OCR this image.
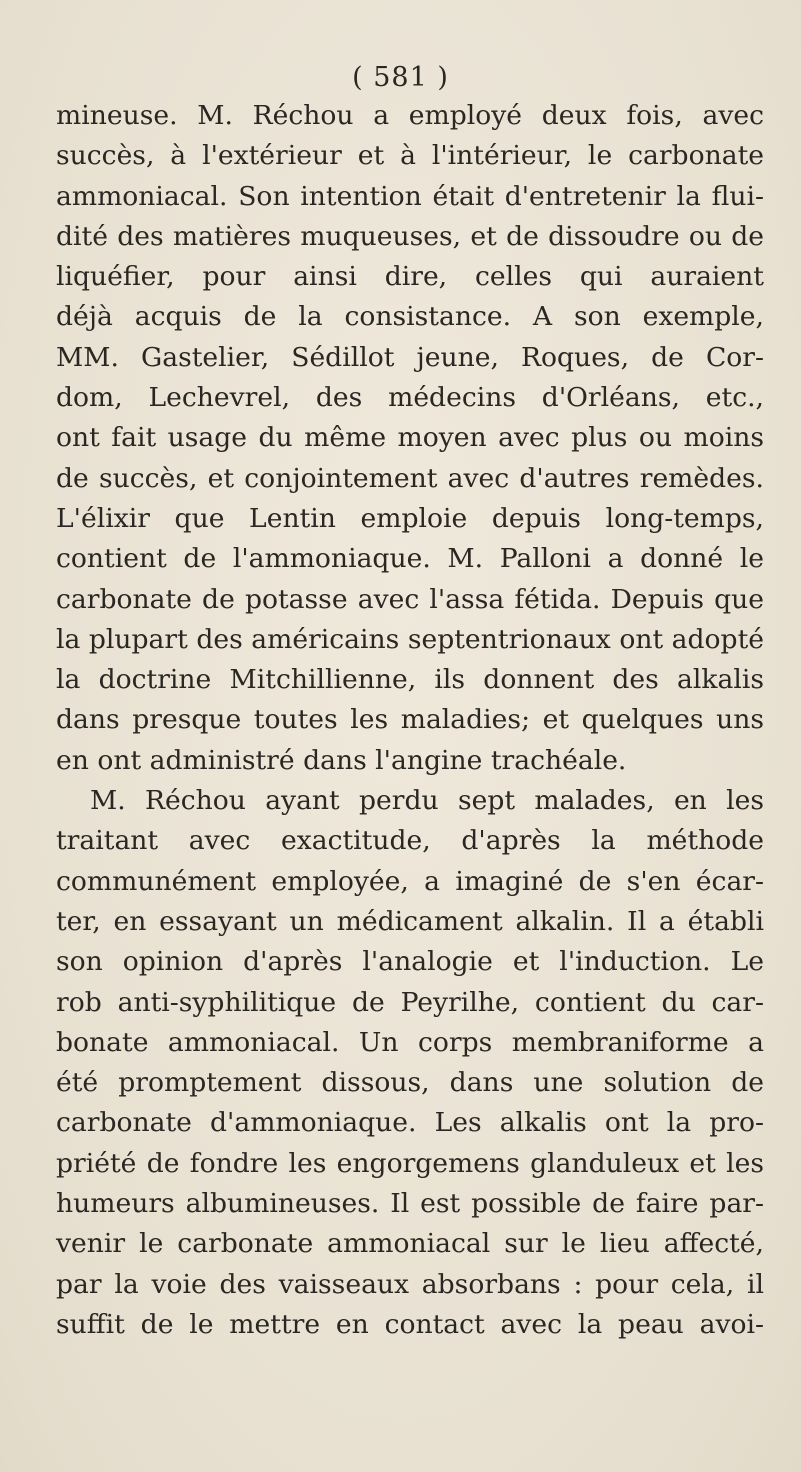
( 581 )
mineuse. M. Réchou a employé deux fois, avec
succès, à l'extérieur et à l'intérieur, le carbonate
ammoniacal. Son intention était d'entretenir la flui-
dité des matières muqueuses, et de dissoudre ou de
liquéfier, pour ainsi dire, celles qui auraient
déjà acquis de la consistance. A son exemple,
MM. Gastelier, Sédillot jeune, Roques, de Cor-
dom, Lechevrel, des médecins d'Orléans, etc.,
ont fait usage du même moyen avec plus ou moins
de succès, et conjointement avec d'autres remèdes.
L'élixir que Lentin emploie depuis long-temps,
contient de l'ammoniaque. M. Palloni a donné le
carbonate de potasse avec l'assa fétida. Depuis que
la plupart des américains septentrionaux ont adopté
la doctrine Mitchillienne, ils donnent des alkalis
dans presque toutes les maladies; et quelques uns
en ont administré dans l'angine trachéale.
M. Réchou ayant perdu sept malades, en les
traitant avec exactitude, d'après la méthode
communément employée, a imaginé de s'en écar-
ter, en essayant un médicament alkalin. Il a établi
son opinion d'après l'analogie et l'induction. Le
rob anti-syphilitique de Peyrilhe, contient du car-
bonate ammoniacal. Un corps membraniforme a
été promptement dissous, dans une solution de
carbonate d'ammoniaque. Les alkalis ont la pro-
priété de fondre les engorgemens glanduleux et les
humeurs albumineuses. Il est possible de faire par-
venir le carbonate ammoniacal sur le lieu affecté,
par la voie des vaisseaux absorbans : pour cela, il
suffit de le mettre en contact avec la peau avoi-
